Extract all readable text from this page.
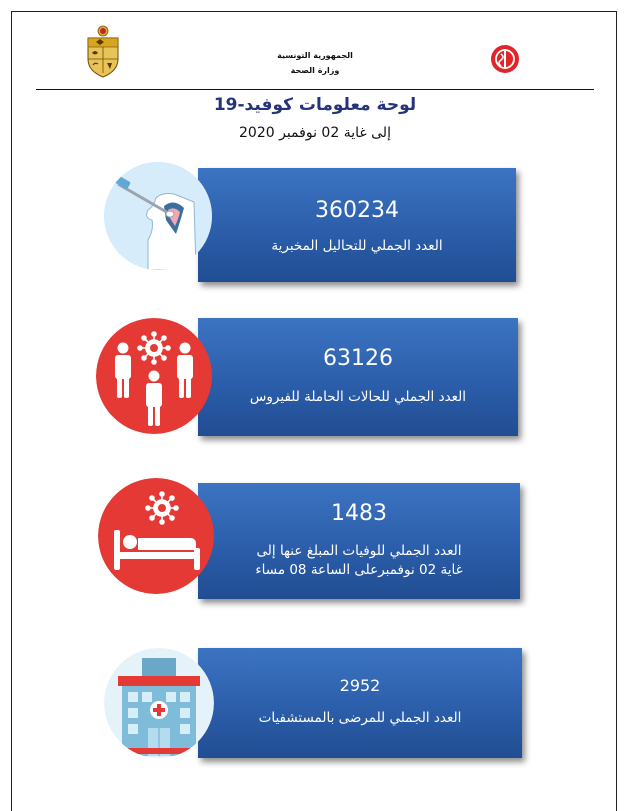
الجمهورية التونسية
وزارة الصحة
لوحة معلومات كوفيد-19
إلى غاية 02 نوفمبر 2020
360234
العدد الجملي للتحاليل المخبرية
63126
العدد الجملي للحالات الحاملة للفيروس
1483
العدد الجملي للوفيات المبلغ عنها إلى
غاية 02 نوفمبرعلى الساعة 08 مساء
2952
العدد الجملي للمرضى بالمستشفيات
